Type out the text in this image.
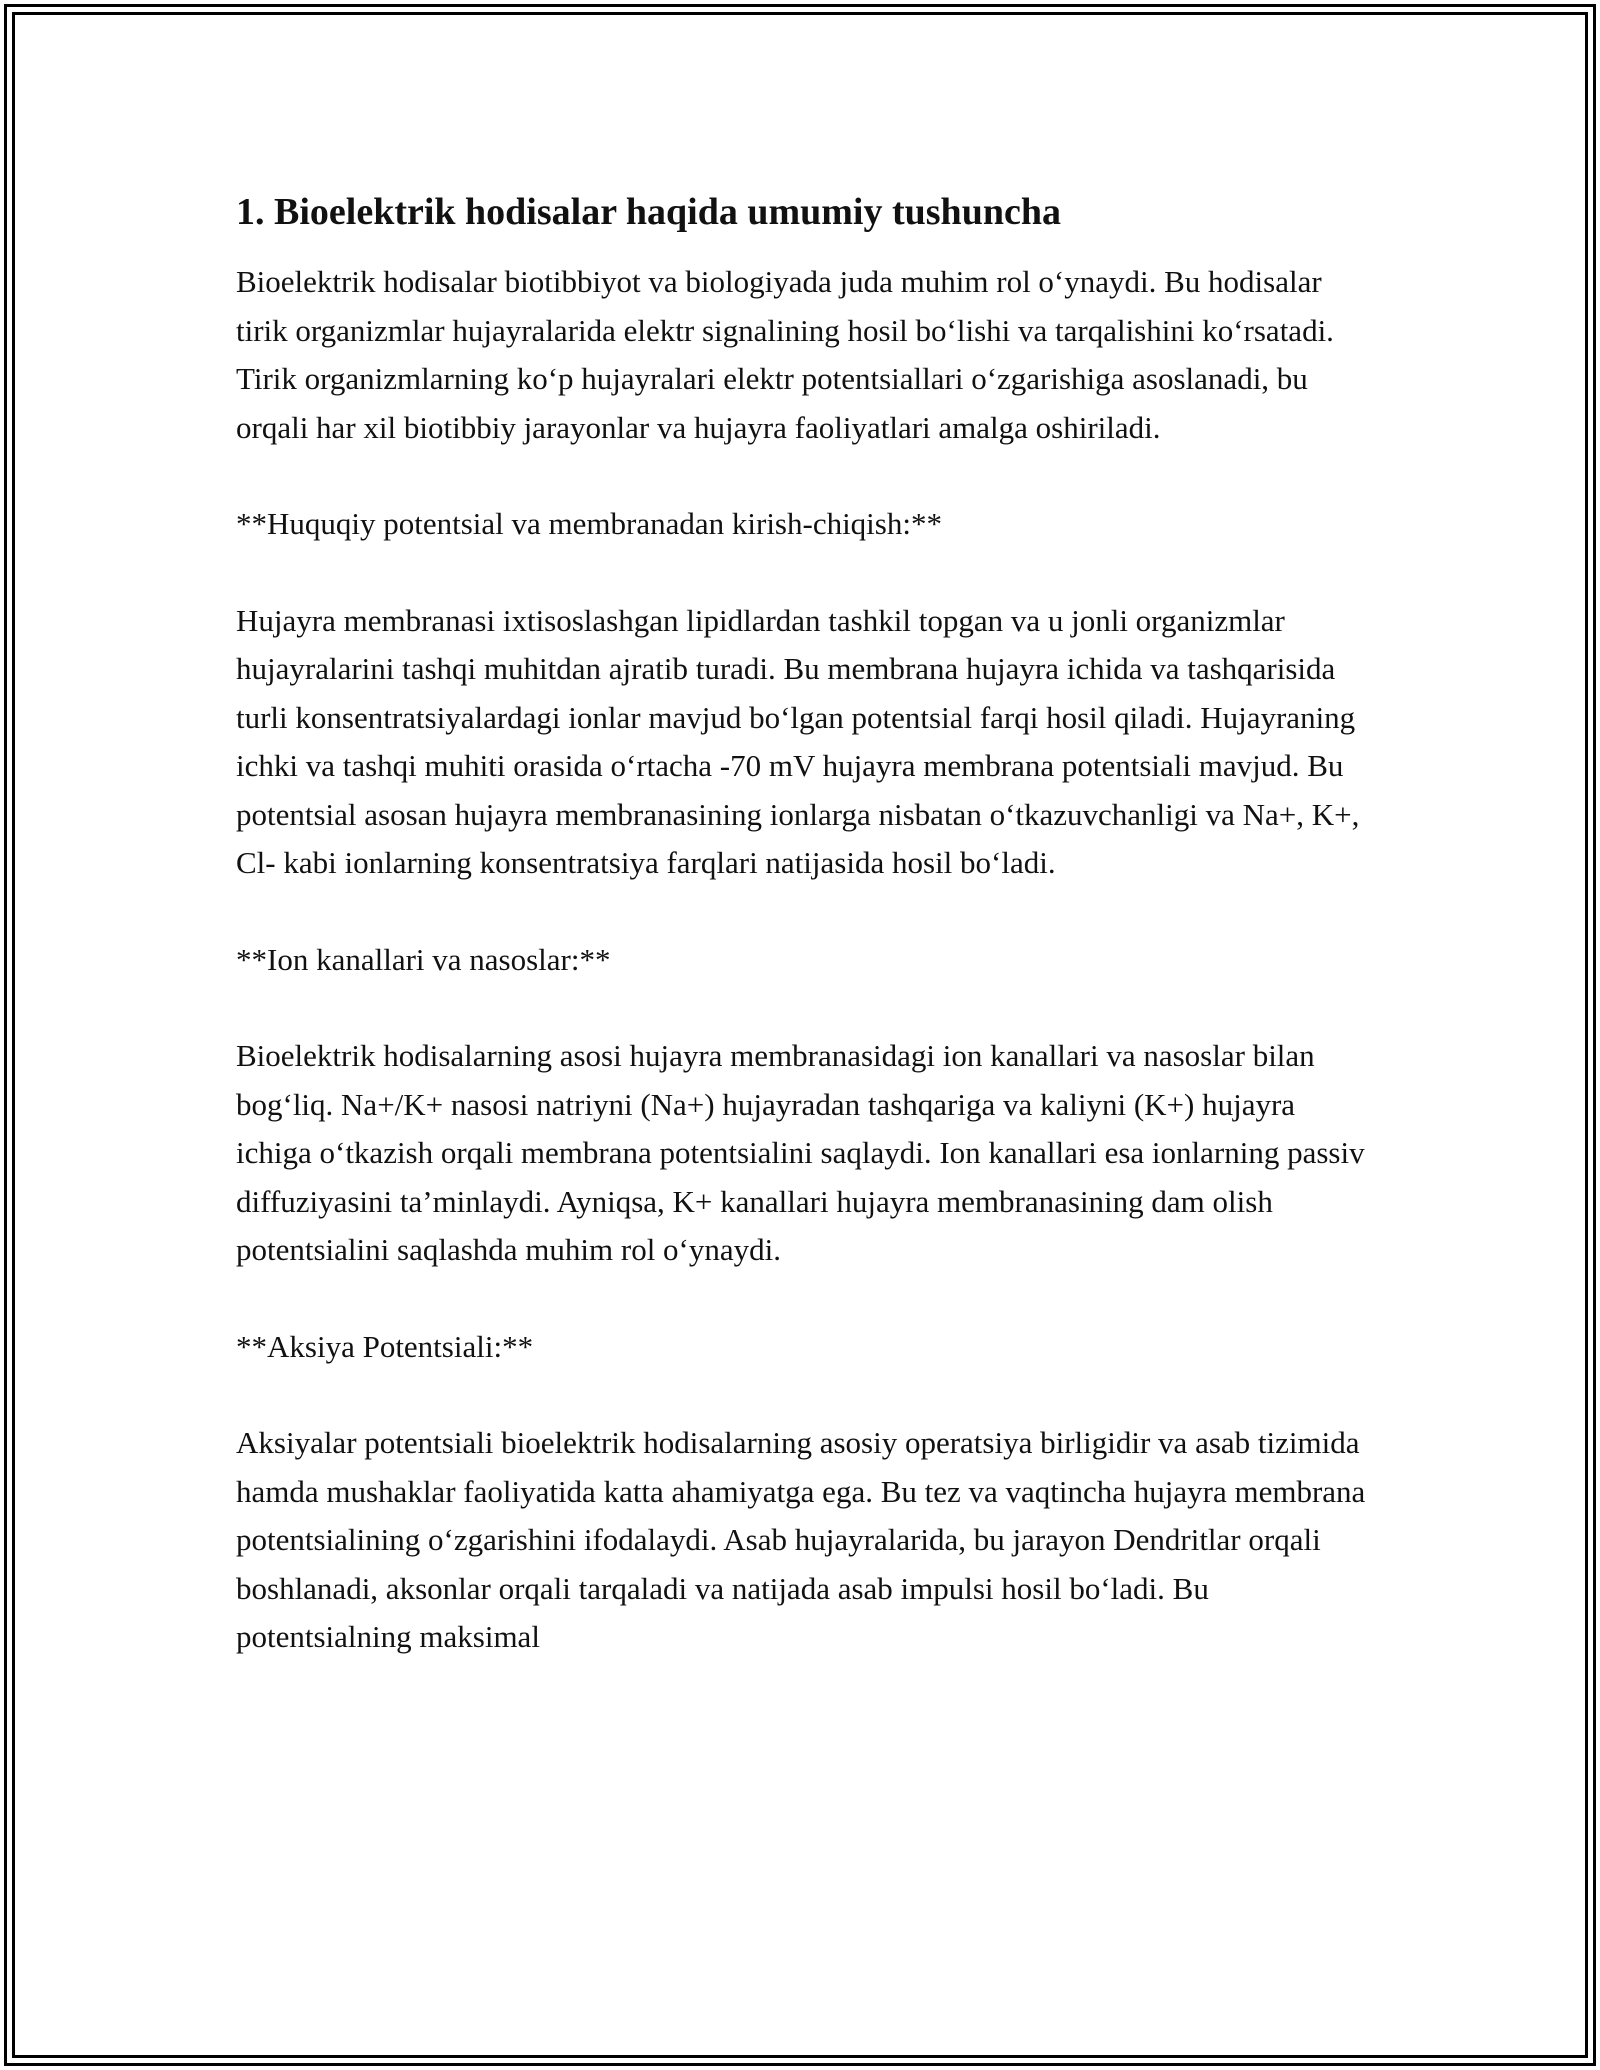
1. Bioelektrik hodisalar haqida umumiy tushuncha

Bioelektrik hodisalar biotibbiyot va biologiyada juda muhim rol o‘ynaydi. Bu hodisalar tirik organizmlar hujayralarida elektr signalining hosil bo‘lishi va tarqalishini ko‘rsatadi. Tirik organizmlarning ko‘p hujayralari elektr potentsiallari o‘zgarishiga asoslanadi, bu orqali har xil biotibbiy jarayonlar va hujayra faoliyatlari amalga oshiriladi.

**Huquqiy potentsial va membranadan kirish-chiqish:**

Hujayra membranasi ixtisoslashgan lipidlardan tashkil topgan va u jonli organizmlar hujayralarini tashqi muhitdan ajratib turadi. Bu membrana hujayra ichida va tashqarisida turli konsentratsiyalardagi ionlar mavjud bo‘lgan potentsial farqi hosil qiladi. Hujayraning ichki va tashqi muhiti orasida o‘rtacha -70 mV hujayra membrana potentsiali mavjud. Bu potentsial asosan hujayra membranasining ionlarga nisbatan o‘tkazuvchanligi va Na+, K+, Cl- kabi ionlarning konsentratsiya farqlari natijasida hosil bo‘ladi.

**Ion kanallari va nasoslar:**

Bioelektrik hodisalarning asosi hujayra membranasidagi ion kanallari va nasoslar bilan bog‘liq. Na+/K+ nasosi natriyni (Na+) hujayradan tashqariga va kaliyni (K+) hujayra ichiga o‘tkazish orqali membrana potentsialini saqlaydi. Ion kanallari esa ionlarning passiv diffuziyasini ta’minlaydi. Ayniqsa, K+ kanallari hujayra membranasining dam olish potentsialini saqlashda muhim rol o‘ynaydi.

**Aksiya Potentsiali:**

Aksiyalar potentsiali bioelektrik hodisalarning asosiy operatsiya birligidir va asab tizimida hamda mushaklar faoliyatida katta ahamiyatga ega. Bu tez va vaqtincha hujayra membrana potentsialining o‘zgarishini ifodalaydi. Asab hujayralarida, bu jarayon Dendritlar orqali boshlanadi, aksonlar orqali tarqaladi va natijada asab impulsi hosil bo‘ladi. Bu potentsialning maksimal
